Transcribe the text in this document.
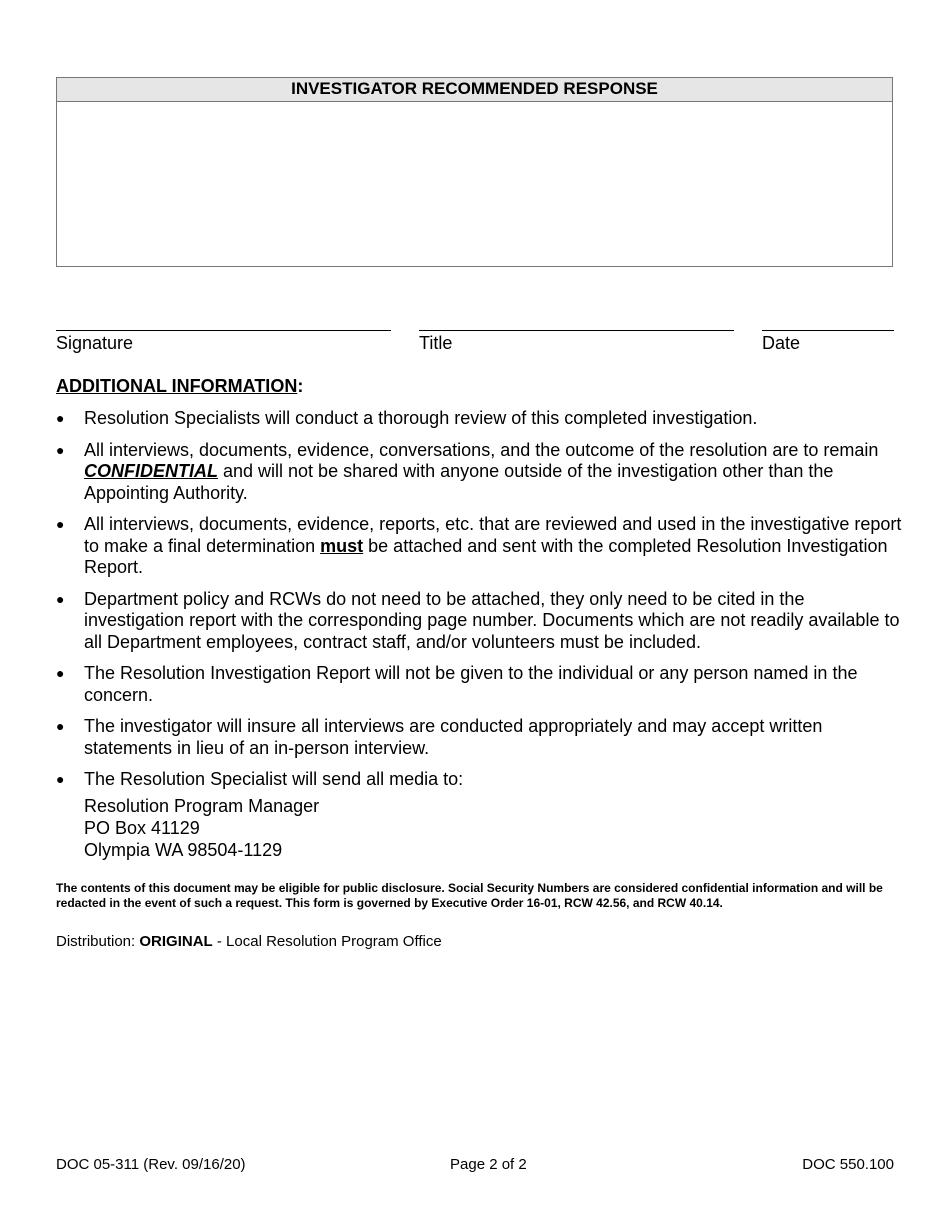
INVESTIGATOR RECOMMENDED RESPONSE
Signature	Title	Date
ADDITIONAL INFORMATION:
● Resolution Specialists will conduct a thorough review of this completed investigation.
● All interviews, documents, evidence, conversations, and the outcome of the resolution are to remain CONFIDENTIAL and will not be shared with anyone outside of the investigation other than the Appointing Authority.
● All interviews, documents, evidence, reports, etc. that are reviewed and used in the investigative report to make a final determination must be attached and sent with the completed Resolution Investigation Report.
● Department policy and RCWs do not need to be attached, they only need to be cited in the investigation report with the corresponding page number. Documents which are not readily available to all Department employees, contract staff, and/or volunteers must be included.
● The Resolution Investigation Report will not be given to the individual or any person named in the concern.
● The investigator will insure all interviews are conducted appropriately and may accept written statements in lieu of an in-person interview.
● The Resolution Specialist will send all media to:
Resolution Program Manager
PO Box 41129
Olympia WA 98504-1129
The contents of this document may be eligible for public disclosure. Social Security Numbers are considered confidential information and will be redacted in the event of such a request. This form is governed by Executive Order 16-01, RCW 42.56, and RCW 40.14.
Distribution: ORIGINAL - Local Resolution Program Office
DOC 05-311 (Rev. 09/16/20)	Page 2 of 2	DOC 550.100
